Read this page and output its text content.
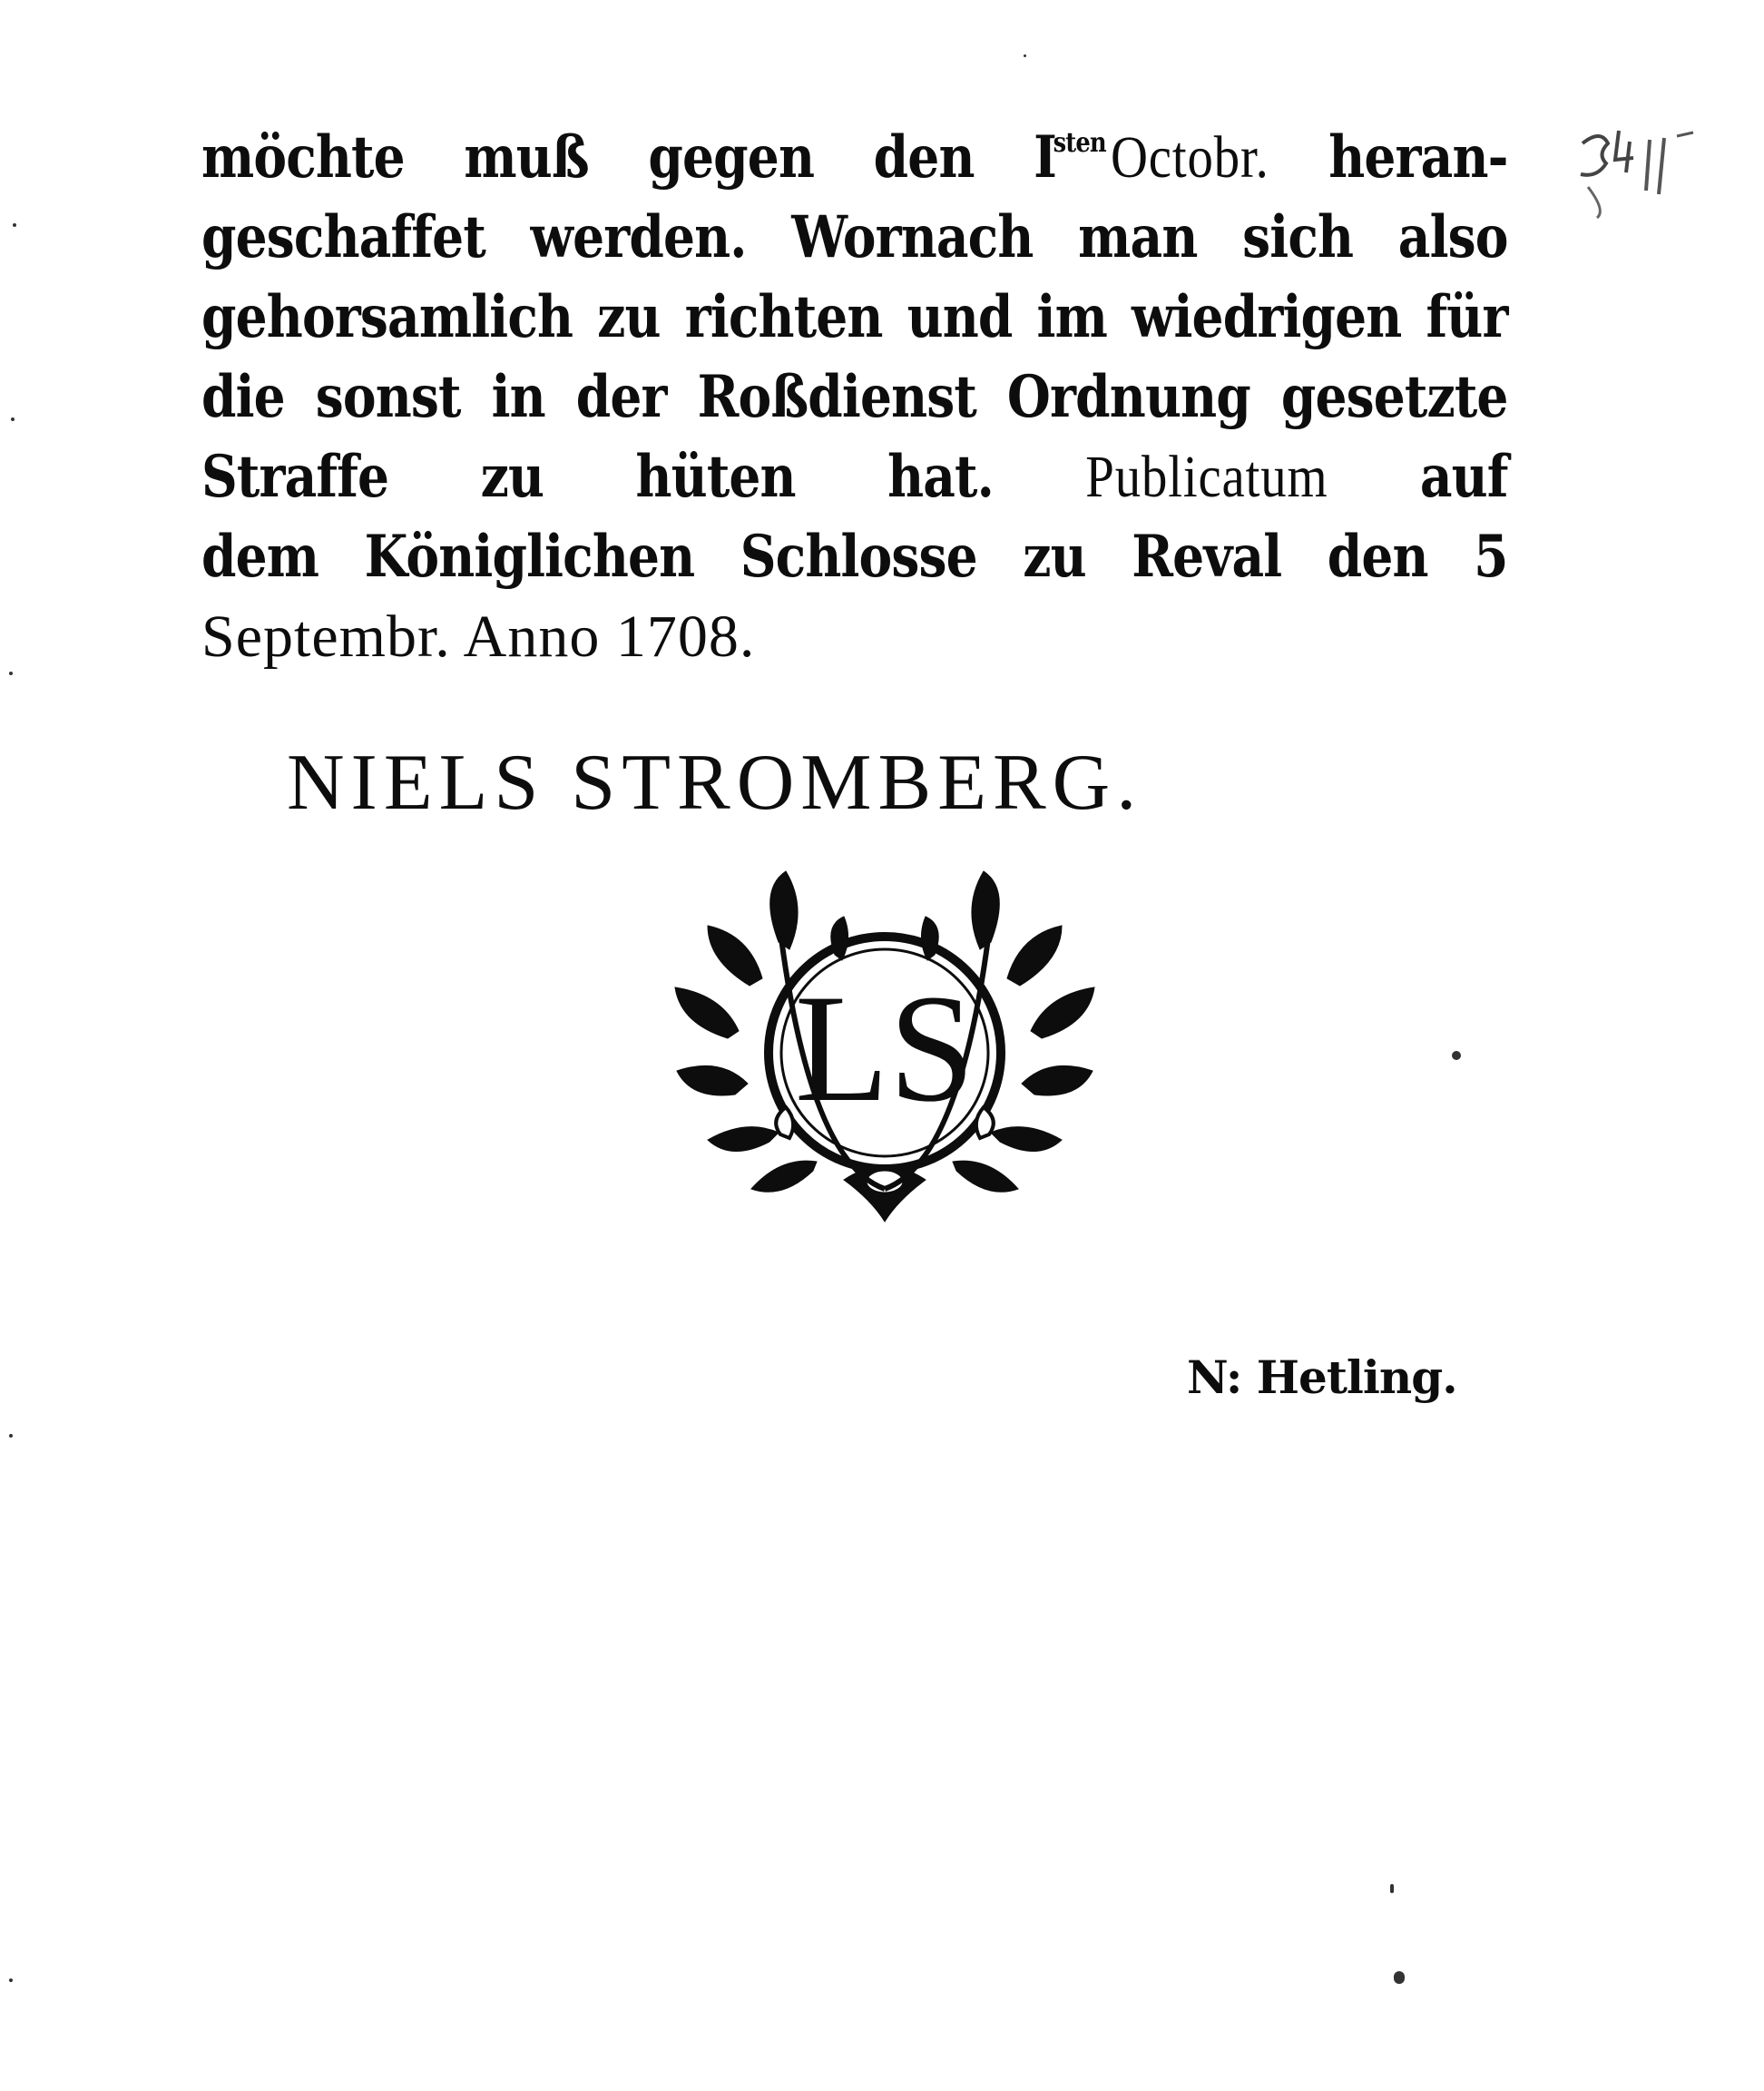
möchte muß gegen den IstenOctobr. heran-
geschaffet werden. Wornach man sich also
gehorsamlich zu richten und im wiedrigen für
die sonst in der Roßdienst Ordnung gesetzte
Straffe zu hüten hat. Publicatum auf
dem Königlichen Schlosse zu Reval den 5
Septembr. Anno 1708.
NIELS STROMBERG.
LS
N: Hetling.
